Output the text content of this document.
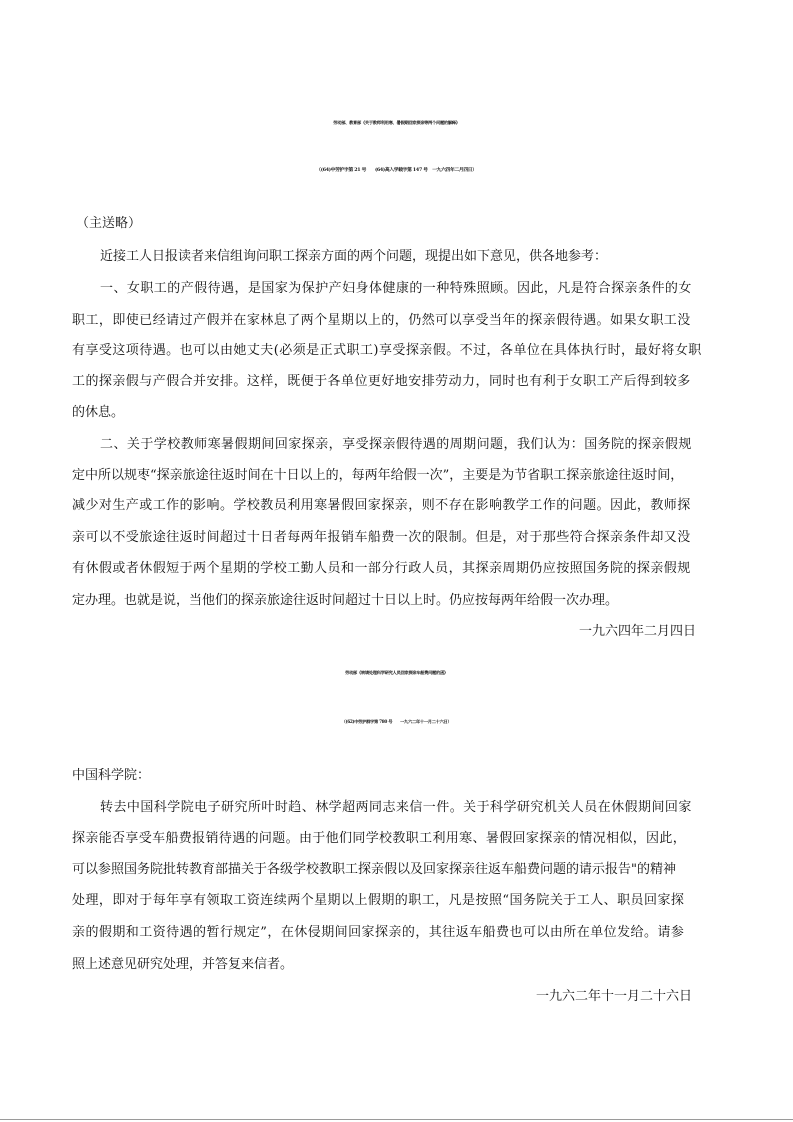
劳动部、教育部《关于教师利用寒、暑假期回家探亲等两个问题的解释》
（(64)中劳护字第 21 号　　(64)高入学载字第 147 号　一九六四年二月四日）
（主送略）
近接工人日报读者来信组询问职工探亲方面的两个问题，现提出如下意见，供各地参考：
一、女职工的产假待遇，是国家为保护产妇身体健康的一种特殊照顾。因此，凡是符合探亲条件的女
职工，即使已经请过产假并在家林息了两个星期以上的，仍然可以享受当年的探亲假待遇。如果女职工没
有享受这项待遇。也可以由她丈夫(必须是正式职工)享受探亲假。不过，各单位在具体执行时，最好将女职
工的探亲假与产假合并安排。这样，既便于各单位更好地安排劳动力，同时也有利于女职工产后得到较多
的休息。
二、关于学校教师寒暑假期间回家探亲，享受探亲假待遇的周期问题，我们认为：国务院的探亲假规
定中所以规枣“探亲旅途往返时间在十日以上的，每两年给假一次”，主要是为节省职工探亲旅途往返时间，
减少对生产或工作的影响。学校教员利用寒暑假回家探亲，则不存在影响教学工作的问题。因此，教师探
亲可以不受旅途往返时间超过十日者每两年报销车船费一次的限制。但是，对于那些符合探亲条件却又没
有休假或者休假短于两个星期的学校工勤人员和一部分行政人员，其探亲周期仍应按照国务院的探亲假规
定办理。也就是说，当他们的探亲旅途往返时间超过十日以上时。仍应按每两年给假一次办理。
一九六四年二月四日
劳动部《转请处理科学研究人员回家探亲车船费问题的函》
（(62)中劳护群字第 780 号　　一九六二年十一月二十六日）
中国科学院：
转去中国科学院电子研究所叶时趋、林学超两同志来信一件。关于科学研究机关人员在休假期间回家
探亲能否享受车船费报销待遇的问题。由于他们同学校教职工利用寒、暑假回家探亲的情况相似，因此，
可以参照国务院批转教育部描关于各级学校教职工探亲假以及回家探亲往返车船费问题的请示报告"的精神
处理，即对于每年享有领取工资连续两个星期以上假期的职工，凡是按照“国务院关于工人、职员回家探
亲的假期和工资待遇的暂行规定”，在休侵期间回家探亲的，其往返车船费也可以由所在单位发给。请参
照上述意见研究处理，并答复来信者。
一九六二年十一月二十六日
